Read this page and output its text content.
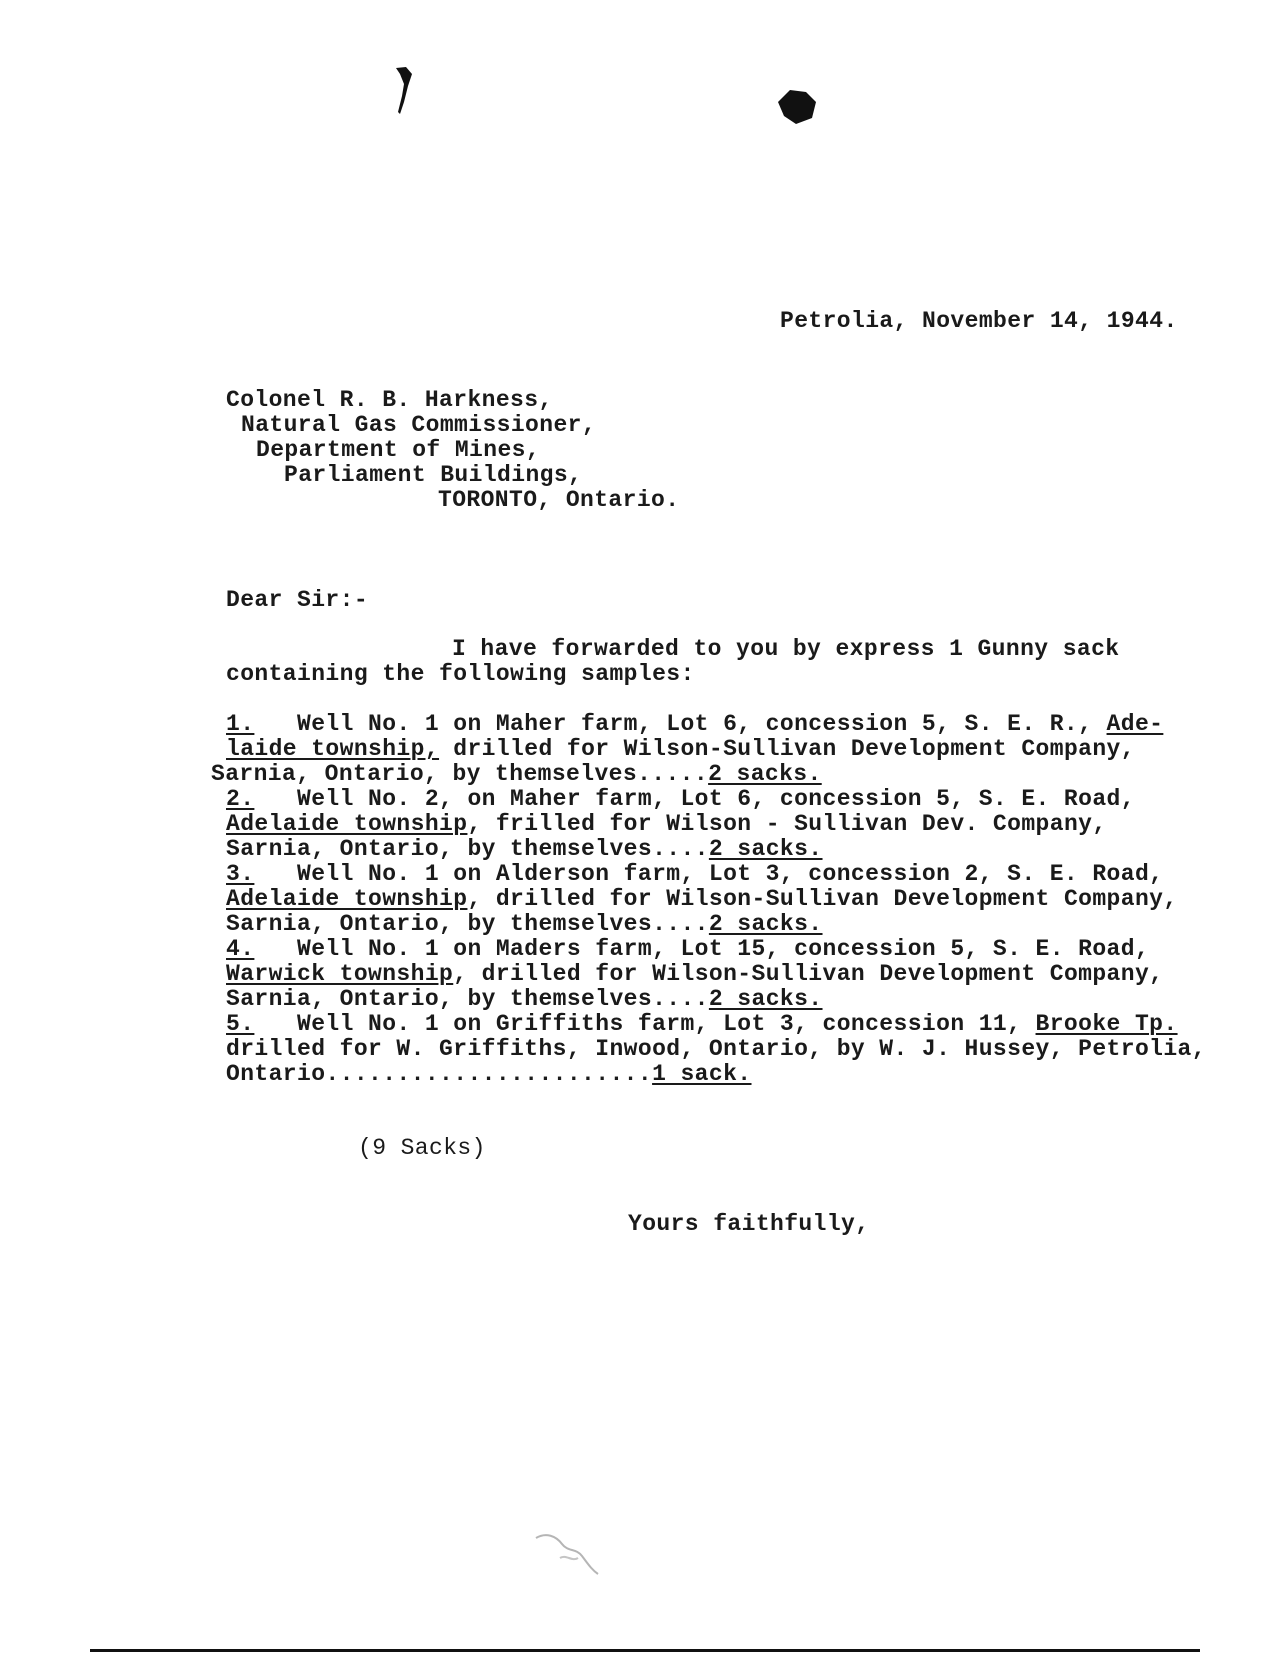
Petrolia, November 14, 1944.
Colonel R. B. Harkness,
Natural Gas Commissioner,
Department of Mines,
Parliament Buildings,
TORONTO, Ontario.
Dear Sir:-
I have forwarded to you by express 1 Gunny sack
containing the following samples:
1.   Well No. 1 on Maher farm, Lot 6, concession 5, S. E. R., Ade-
laide township, drilled for Wilson-Sullivan Development Company,
Sarnia, Ontario, by themselves.....2 sacks.
2.   Well No. 2, on Maher farm, Lot 6, concession 5, S. E. Road,
Adelaide township, frilled for Wilson - Sullivan Dev. Company,
Sarnia, Ontario, by themselves....2 sacks.
3.   Well No. 1 on Alderson farm, Lot 3, concession 2, S. E. Road,
Adelaide township, drilled for Wilson-Sullivan Development Company,
Sarnia, Ontario, by themselves....2 sacks.
4.   Well No. 1 on Maders farm, Lot 15, concession 5, S. E. Road,
Warwick township, drilled for Wilson-Sullivan Development Company,
Sarnia, Ontario, by themselves....2 sacks.
5.   Well No. 1 on Griffiths farm, Lot 3, concession 11, Brooke Tp.
drilled for W. Griffiths, Inwood, Ontario, by W. J. Hussey, Petrolia,
Ontario.......................1 sack.
(9 Sacks)
Yours faithfully,
